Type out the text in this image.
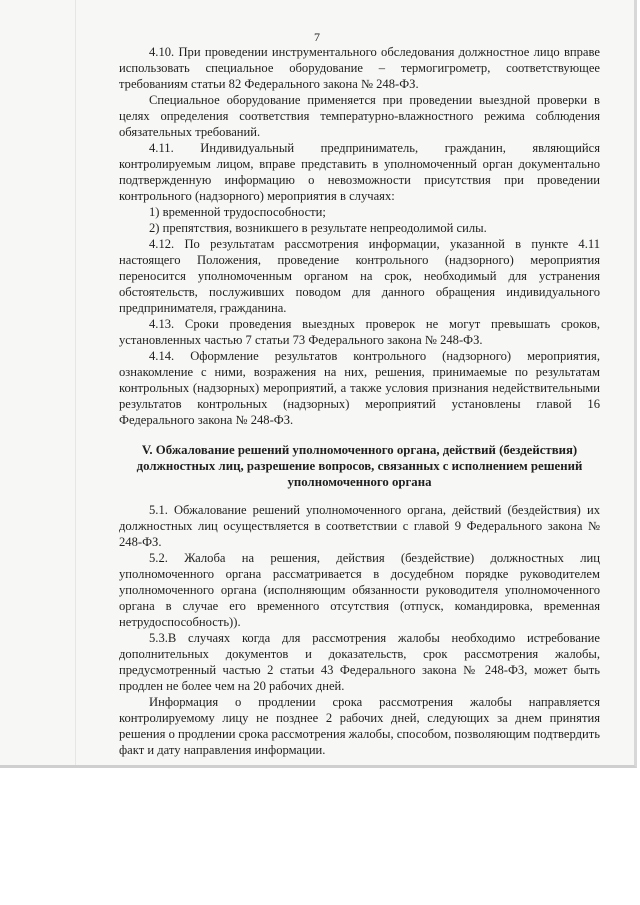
7

4.10. При проведении инструментального обследования должностное лицо вправе использовать специальное оборудование – термогигрометр, соответствующее требованиям статьи 82 Федерального закона № 248-ФЗ.

Специальное оборудование применяется при проведении выездной проверки в целях определения соответствия температурно-влажностного режима соблюдения обязательных требований.

4.11. Индивидуальный предприниматель, гражданин, являющийся контролируемым лицом, вправе представить в уполномоченный орган документально подтвержденную информацию о невозможности присутствия при проведении контрольного (надзорного) мероприятия в случаях:

1) временной трудоспособности;

2) препятствия, возникшего в результате непреодолимой силы.

4.12. По результатам рассмотрения информации, указанной в пункте 4.11 настоящего Положения, проведение контрольного (надзорного) мероприятия переносится уполномоченным органом на срок, необходимый для устранения обстоятельств, послуживших поводом для данного обращения индивидуального предпринимателя, гражданина.

4.13. Сроки проведения выездных проверок не могут превышать сроков, установленных частью 7 статьи 73 Федерального закона № 248-ФЗ.

4.14. Оформление результатов контрольного (надзорного) мероприятия, ознакомление с ними, возражения на них, решения, принимаемые по результатам контрольных (надзорных) мероприятий, а также условия признания недействительными результатов контрольных (надзорных) мероприятий установлены главой 16 Федерального закона № 248-ФЗ.

V. Обжалование решений уполномоченного органа, действий (бездействия) должностных лиц, разрешение вопросов, связанных с исполнением решений уполномоченного органа

5.1. Обжалование решений уполномоченного органа, действий (бездействия) их должностных лиц осуществляется в соответствии с главой 9 Федерального закона № 248-ФЗ.

5.2. Жалоба на решения, действия (бездействие) должностных лиц уполномоченного органа рассматривается в досудебном порядке руководителем уполномоченного органа (исполняющим обязанности руководителя уполномоченного органа в случае его временного отсутствия (отпуск, командировка, временная нетрудоспособность)).

5.3.В случаях когда для рассмотрения жалобы необходимо истребование дополнительных документов и доказательств, срок рассмотрения жалобы, предусмотренный частью 2 статьи 43 Федерального закона № 248-ФЗ, может быть продлен не более чем на 20 рабочих дней.

Информация о продлении срока рассмотрения жалобы направляется контролируемому лицу не позднее 2 рабочих дней, следующих за днем принятия решения о продлении срока рассмотрения жалобы, способом, позволяющим подтвердить факт и дату направления информации.
